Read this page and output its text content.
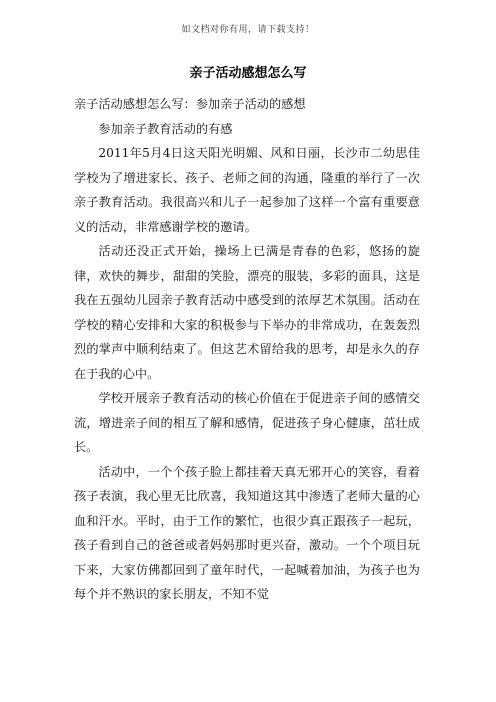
如文档对你有用，请下载支持！
亲子活动感想怎么写

亲子活动感想怎么写：参加亲子活动的感想

参加亲子教育活动的有感

2011年5月4日这天阳光明媚、风和日丽，长沙市二幼思佳学校为了增进家长、孩子、老师之间的沟通，隆重的举行了一次亲子教育活动。我很高兴和儿子一起参加了这样一个富有重要意义的活动，非常感谢学校的邀请。

活动还没正式开始，操场上已满是青春的色彩，悠扬的旋律，欢快的舞步，甜甜的笑脸，漂亮的服装，多彩的面具，这是我在五强幼儿园亲子教育活动中感受到的浓厚艺术氛围。活动在学校的精心安排和大家的积极参与下举办的非常成功，在轰轰烈烈的掌声中顺利结束了。但这艺术留给我的思考，却是永久的存在于我的心中。

学校开展亲子教育活动的核心价值在于促进亲子间的感情交流，增进亲子间的相互了解和感情，促进孩子身心健康，茁壮成长。

活动中，一个个孩子脸上都挂着天真无邪开心的笑容，看着孩子表演，我心里无比欣喜，我知道这其中渗透了老师大量的心血和汗水。平时，由于工作的繁忙，也很少真正跟孩子一起玩，孩子看到自己的爸爸或者妈妈那时更兴奋，激动。一个个项目玩下来，大家仿佛都回到了童年时代，一起喊着加油，为孩子也为每个并不熟识的家长朋友，不知不觉
